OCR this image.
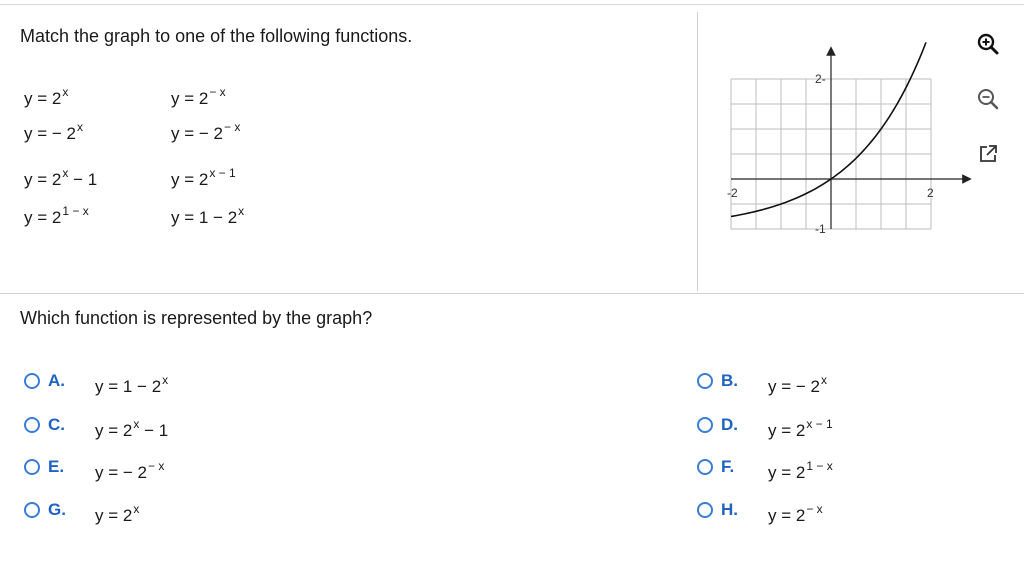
Match the graph to one of the following functions.
$y = 2^x$	$y = 2^{- x}$
y = − $2^x$	y = − $2^{- x}$
$y = 2^x - 1$	$y = 2^{x - 1}$
$y = 2^{1 - x}$	$y = 1 - 2^x$
-2	2
2-
-1
Which function is represented by the graph?
A. $y = 1 - 2^x$	B. y = − $2^x$
C. $y = 2^x - 1$	D. $y = 2^{x - 1}$
E. y = − $2^{- x}$	F. $y = 2^{1 - x}$
G. $y = 2^x$	H. $y = 2^{- x}$
